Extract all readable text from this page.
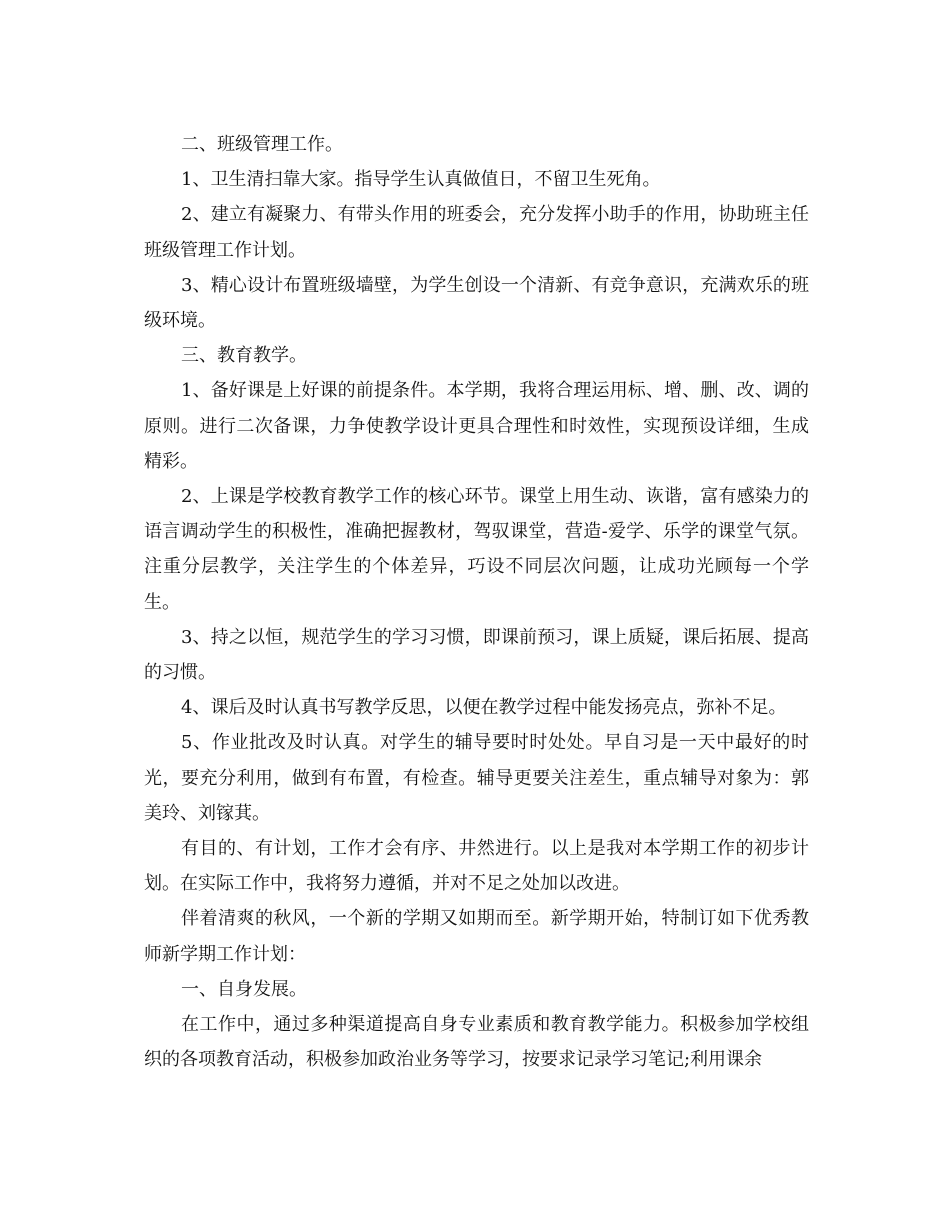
二、班级管理工作。

1、卫生清扫靠大家。指导学生认真做值日，不留卫生死角。

2、建立有凝聚力、有带头作用的班委会，充分发挥小助手的作用，协助班主任班级管理工作计划。

3、精心设计布置班级墙壁，为学生创设一个清新、有竞争意识，充满欢乐的班级环境。

三、教育教学。

1、备好课是上好课的前提条件。本学期，我将合理运用标、增、删、改、调的原则。进行二次备课，力争使教学设计更具合理性和时效性，实现预设详细，生成精彩。

2、上课是学校教育教学工作的核心环节。课堂上用生动、诙谐，富有感染力的语言调动学生的积极性，准确把握教材，驾驭课堂，营造-爱学、乐学的课堂气氛。注重分层教学，关注学生的个体差异，巧设不同层次问题，让成功光顾每一个学生。

3、持之以恒，规范学生的学习习惯，即课前预习，课上质疑，课后拓展、提高的习惯。

4、课后及时认真书写教学反思，以便在教学过程中能发扬亮点，弥补不足。

5、作业批改及时认真。对学生的辅导要时时处处。早自习是一天中最好的时光，要充分利用，做到有布置，有检查。辅导更要关注差生，重点辅导对象为：郭美玲、刘镓萁。

有目的、有计划，工作才会有序、井然进行。以上是我对本学期工作的初步计划。在实际工作中，我将努力遵循，并对不足之处加以改进。

伴着清爽的秋风，一个新的学期又如期而至。新学期开始，特制订如下优秀教师新学期工作计划：

一、自身发展。

在工作中，通过多种渠道提高自身专业素质和教育教学能力。积极参加学校组织的各项教育活动，积极参加政治业务等学习，按要求记录学习笔记;利用课余
